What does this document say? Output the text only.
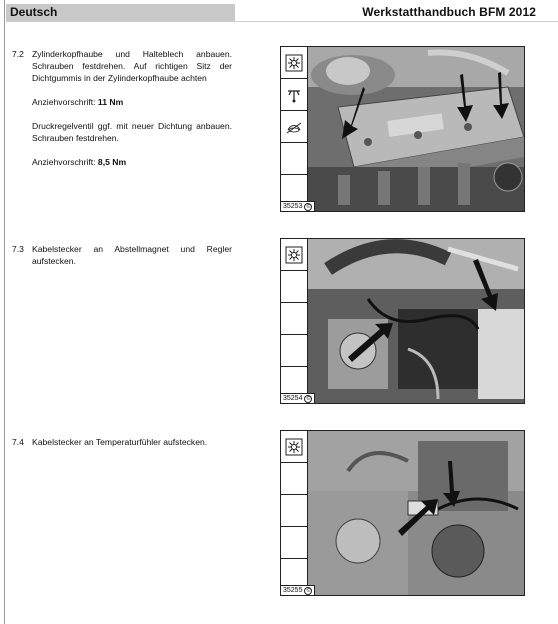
Deutsch	Werkstatthandbuch BFM 2012
7.2 Zylinderkopfhaube und Halteblech anbauen. Schrauben festdrehen. Auf richtigen Sitz der Dichtgummis in der Zylinderkopfhaube achten

Anziehvorschrift: 11 Nm

Druckregelventil ggf. mit neuer Dichtung anbauen. Schrauben festdrehen.

Anziehvorschrift: 8,5 Nm

7.3 Kabelstecker an Abstellmagnet und Regler aufstecken.

7.4 Kabelstecker an Temperaturfühler aufstecken.

35253 ©
35254 ©
35255 ©
